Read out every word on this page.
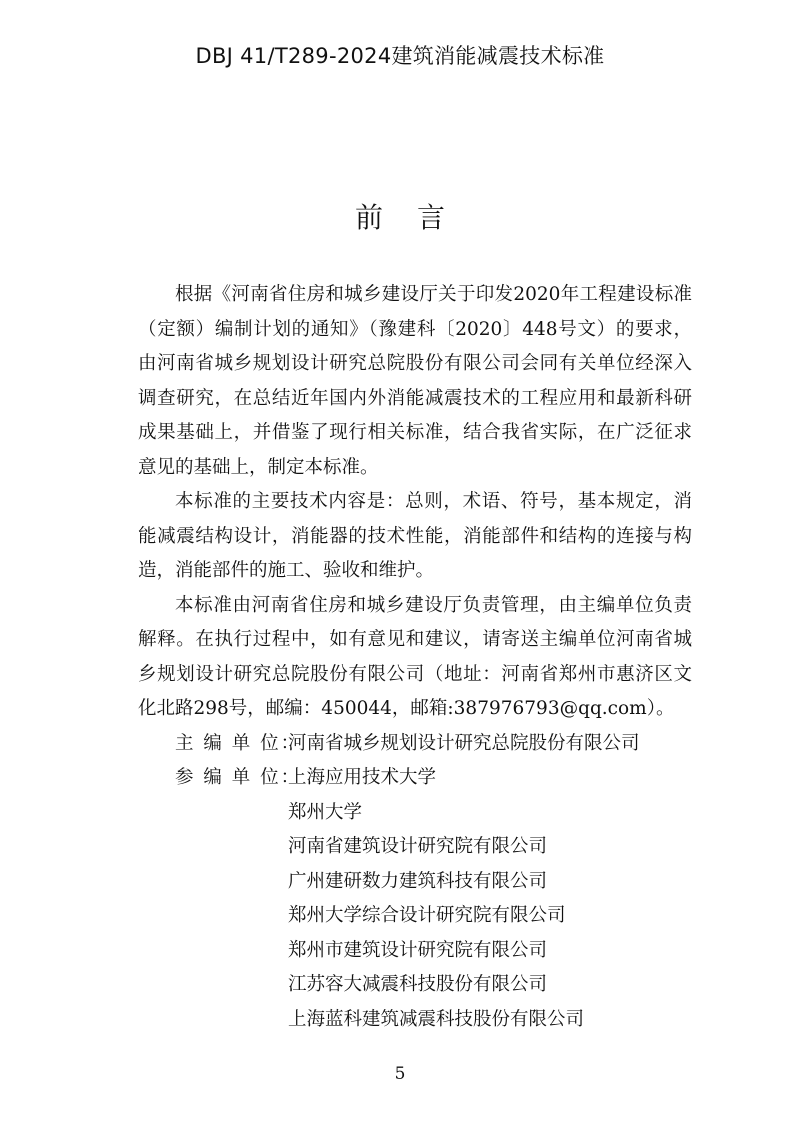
DBJ 41/T289-2024建筑消能减震技术标准
前言

根据《河南省住房和城乡建设厅关于印发2020年工程建设标准（定额）编制计划的通知》（豫建科〔2020〕448号文）的要求，由河南省城乡规划设计研究总院股份有限公司会同有关单位经深入调查研究，在总结近年国内外消能减震技术的工程应用和最新科研成果基础上，并借鉴了现行相关标准，结合我省实际，在广泛征求意见的基础上，制定本标准。

本标准的主要技术内容是：总则，术语、符号，基本规定，消能减震结构设计，消能器的技术性能，消能部件和结构的连接与构造，消能部件的施工、验收和维护。

本标准由河南省住房和城乡建设厅负责管理，由主编单位负责解释。在执行过程中，如有意见和建议，请寄送主编单位河南省城乡规划设计研究总院股份有限公司（地址：河南省郑州市惠济区文化北路298号，邮编：450044，邮箱:387976793@qq.com）。

主 编 单 位：河南省城乡规划设计研究总院股份有限公司

参 编 单 位：上海应用技术大学

郑州大学

河南省建筑设计研究院有限公司

广州建研数力建筑科技有限公司

郑州大学综合设计研究院有限公司

郑州市建筑设计研究院有限公司

江苏容大减震科技股份有限公司

上海蓝科建筑减震科技股份有限公司

5
